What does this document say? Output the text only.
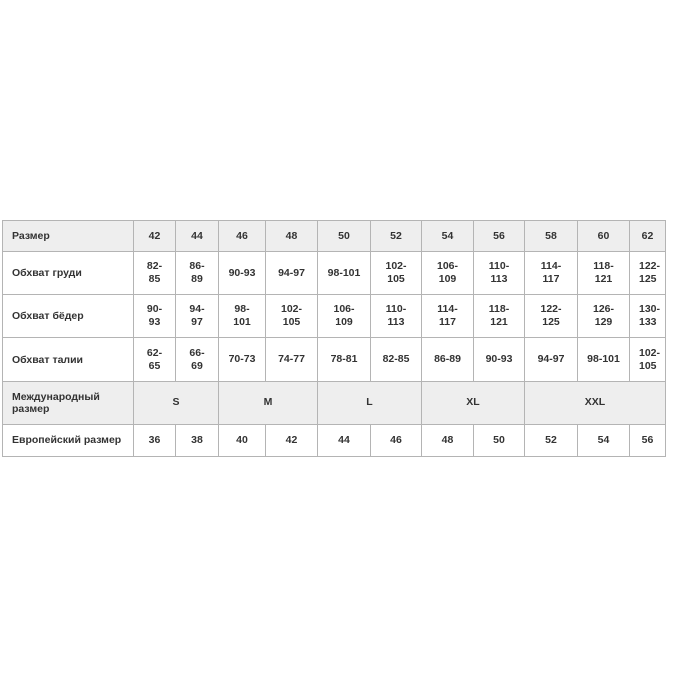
Размер	42	44	46	48	50	52	54	56	58	60	62
Обхват груди	82-85	86-89	90-93	94-97	98-101	102-105	106-109	110-113	114-117	118-121	122-125
Обхват бёдер	90-93	94-97	98-101	102-105	106-109	110-113	114-117	118-121	122-125	126-129	130-133
Обхват талии	62-65	66-69	70-73	74-77	78-81	82-85	86-89	90-93	94-97	98-101	102-105
Международный размер	S		M		L		XL		XXL		
Европейский размер	36	38	40	42	44	46	48	50	52	54	56
